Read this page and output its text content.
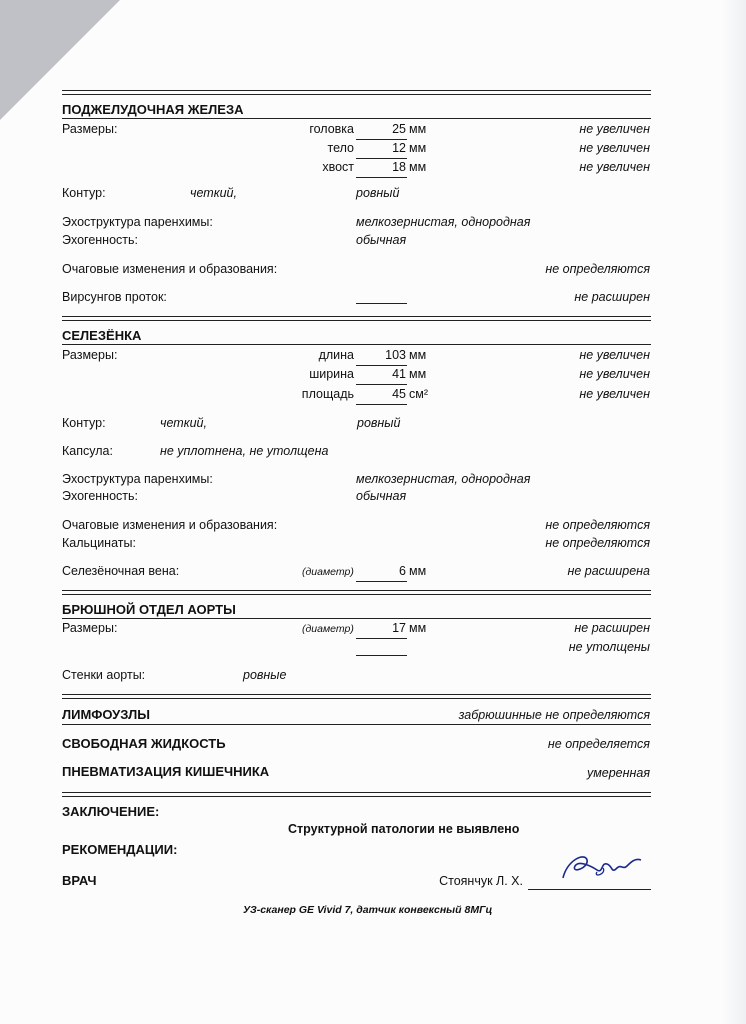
ПОДЖЕЛУДОЧНАЯ ЖЕЛЕЗА
Размеры:	головка	25 мм	не увеличен
тело	12 мм	не увеличен
хвост	18 мм	не увеличен
Контур:	четкий,	ровный
Эхоструктура паренхимы:	мелкозернистая, однородная
Эхогенность:	обычная
Очаговые изменения и образования:	не определяются
Вирсунгов проток:	не расширен
СЕЛЕЗЁНКА
Размеры:	длина	103 мм	не увеличен
ширина	41 мм	не увеличен
площадь	45 см²	не увеличен
Контур:	четкий,	ровный
Капсула:	не уплотнена, не утолщена
Эхоструктура паренхимы:	мелкозернистая, однородная
Эхогенность:	обычная
Очаговые изменения и образования:	не определяются
Кальцинаты:	не определяются
Селезёночная вена:	(диаметр)	6 мм	не расширена
БРЮШНОЙ ОТДЕЛ АОРТЫ
Размеры:	(диаметр)	17 мм	не расширен
не утолщены
Стенки аорты:	ровные
ЛИМФОУЗЛЫ	забрюшинные не определяются
СВОБОДНАЯ ЖИДКОСТЬ	не определяется
ПНЕВМАТИЗАЦИЯ КИШЕЧНИКА	умеренная
ЗАКЛЮЧЕНИЕ:
Структурной патологии не выявлено
РЕКОМЕНДАЦИИ:
ВРАЧ	Стоянчук Л. Х.
УЗ-сканер GE Vivid 7, датчик конвексный 8МГц
